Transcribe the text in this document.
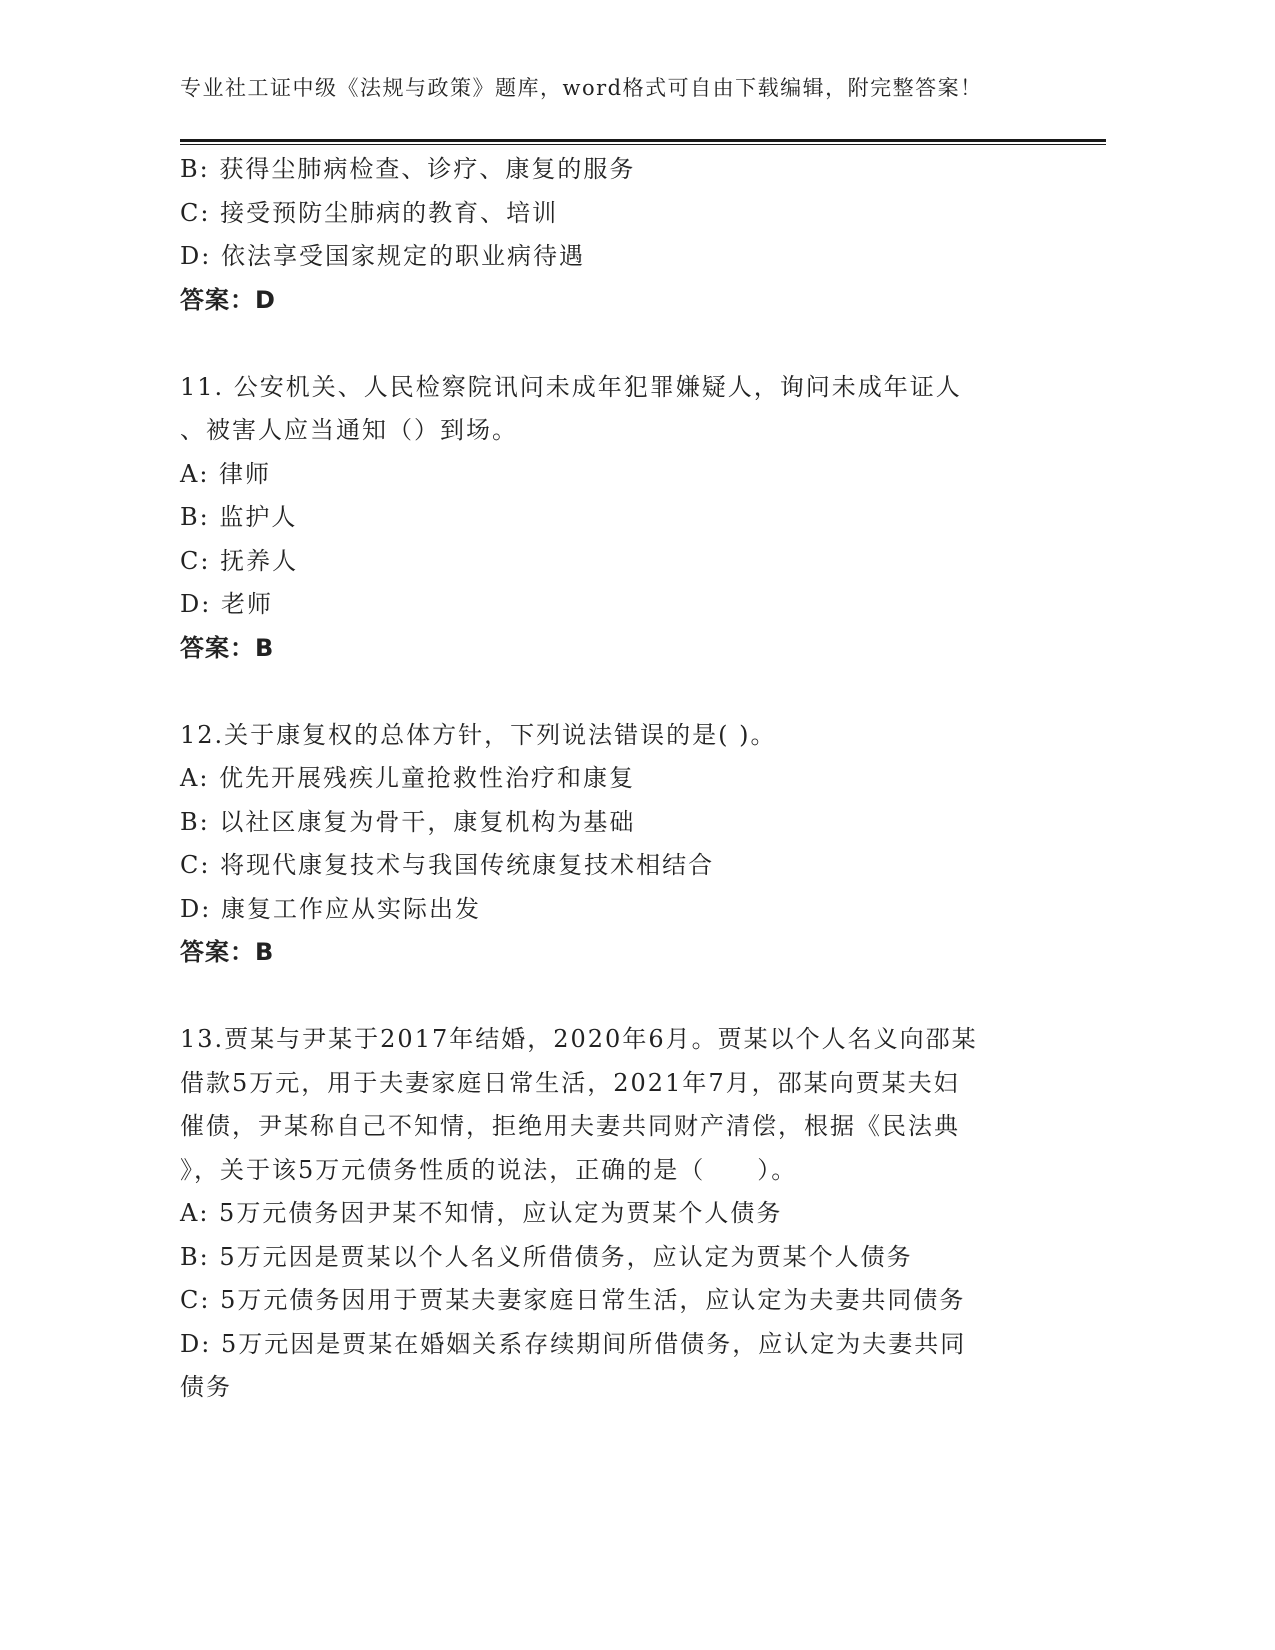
专业社工证中级《法规与政策》题库，word格式可自由下载编辑，附完整答案！
B: 获得尘肺病检查、诊疗、康复的服务
C: 接受预防尘肺病的教育、培训
D: 依法享受国家规定的职业病待遇
答案：D
11. 公安机关、人民检察院讯问未成年犯罪嫌疑人，询问未成年证人
、被害人应当通知（）到场。
A: 律师
B: 监护人
C: 抚养人
D: 老师
答案：B
12.关于康复权的总体方针，下列说法错误的是( )。
A: 优先开展残疾儿童抢救性治疗和康复
B: 以社区康复为骨干，康复机构为基础
C: 将现代康复技术与我国传统康复技术相结合
D: 康复工作应从实际出发
答案：B
13.贾某与尹某于2017年结婚，2020年6月。贾某以个人名义向邵某
借款5万元，用于夫妻家庭日常生活，2021年7月，邵某向贾某夫妇
催债，尹某称自己不知情，拒绝用夫妻共同财产清偿，根据《民法典
》，关于该5万元债务性质的说法，正确的是（　　）。
A: 5万元债务因尹某不知情，应认定为贾某个人债务
B: 5万元因是贾某以个人名义所借债务，应认定为贾某个人债务
C: 5万元债务因用于贾某夫妻家庭日常生活，应认定为夫妻共同债务
D: 5万元因是贾某在婚姻关系存续期间所借债务，应认定为夫妻共同
债务
